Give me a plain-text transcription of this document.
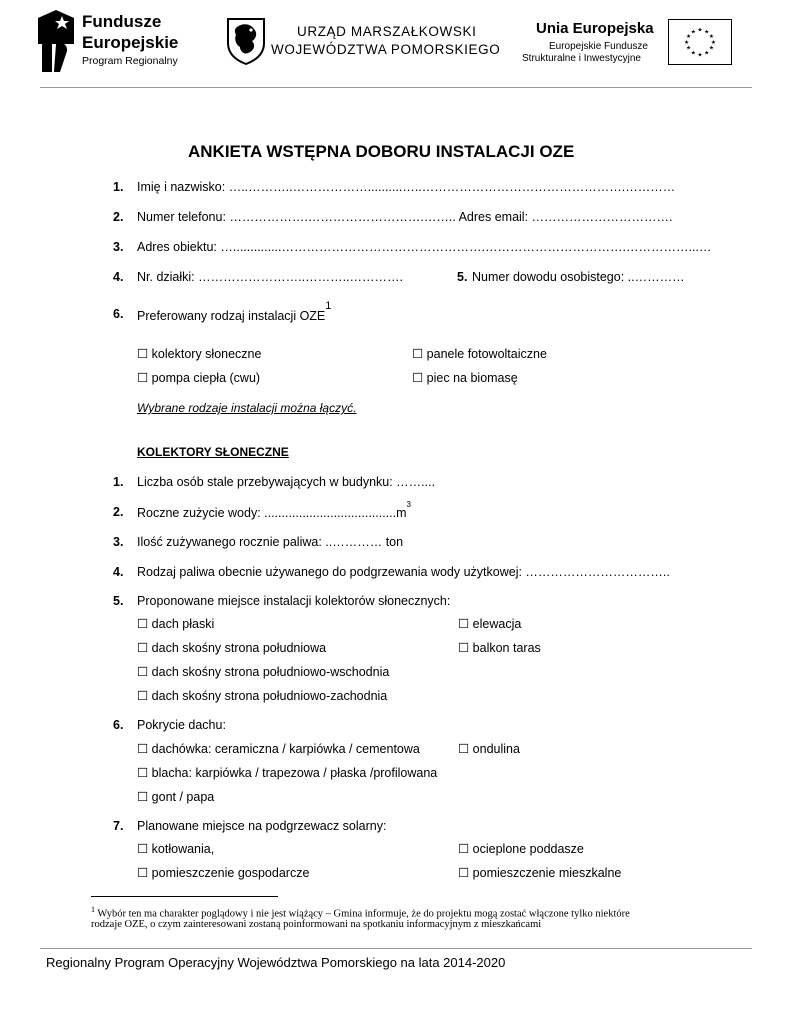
Fundusze
Europejskie
Program Regionalny
URZĄD MARSZAŁKOWSKI
WOJEWÓDZTWA POMORSKIEGO
Unia Europejska
Europejskie Fundusze
Strukturalne i Inwestycyjne
★ ★
★
★
★
★
★
★
★
★
★
★
ANKIETA WSTĘPNA DOBORU INSTALACJI OZE
1. Imię i nazwisko: …..………..………………..........…..………………………………………….…………
2. Numer telefonu: ……………….……………………….…….. Adres email: …………………………….
3. Adres obiektu: …..............………………………………………….…………………………….……………...…
4. Nr. działki: ……………………..………..………….	5. Numer dowodu osobistego: ..…………
6. Preferowany rodzaj instalacji OZE$^1$
☐ kolektory słoneczne	☐ panele fotowoltaiczne
☐ pompa ciepła (cwu)	☐ piec na biomasę
Wybrane rodzaje instalacji można łączyć.
KOLEKTORY SŁONECZNE
1. Liczba osób stale przebywających w budynku: ……....
2. Roczne zużycie wody: $......................................m^3$
3. Ilość zużywanego rocznie paliwa: ..………… ton
4. Rodzaj paliwa obecnie używanego do podgrzewania wody użytkowej: ……………………………..
5. Proponowane miejsce instalacji kolektorów słonecznych:
☐ dach płaski	☐ elewacja
☐ dach skośny strona południowa	☐ balkon taras
☐ dach skośny strona południowo-wschodnia
☐ dach skośny strona południowo-zachodnia
6. Pokrycie dachu:
☐ dachówka: ceramiczna / karpiówka / cementowa	☐ ondulina
☐ blacha: karpiówka / trapezowa / płaska /profilowana
☐ gont / papa
7. Planowane miejsce na podgrzewacz solarny:
☐ kotłowania,	☐ ocieplone poddasze
☐ pomieszczenie gospodarcze	☐ pomieszczenie mieszkalne
$^1$ Wybór ten ma charakter poglądowy i nie jest wiążący – Gmina informuje, że do projektu mogą zostać włączone tylko niektóre
rodzaje OZE, o czym zainteresowani zostaną poinformowani na spotkaniu informacyjnym z mieszkańcami
Regionalny Program Operacyjny Województwa Pomorskiego na lata 2014-2020
